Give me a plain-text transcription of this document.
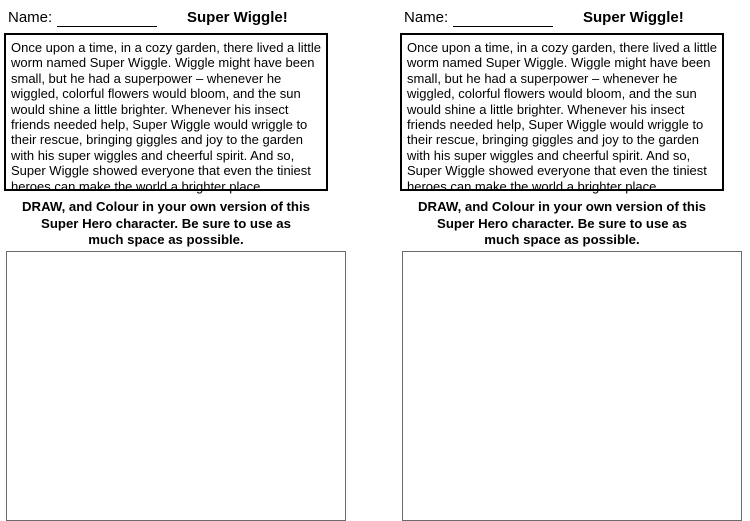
Name:	Super Wiggle!
Once upon a time, in a cozy garden, there lived a little worm named Super Wiggle. Wiggle might have been small, but he had a superpower – whenever he wiggled, colorful flowers would bloom, and the sun would shine a little brighter. Whenever his insect friends needed help, Super Wiggle would wriggle to their rescue, bringing giggles and joy to the garden with his super wiggles and cheerful spirit. And so, Super Wiggle showed everyone that even the tiniest heroes can make the world a brighter place.
DRAW, and Colour in your own version of this
Super Hero character. Be sure to use as
much space as possible.
Name:	Super Wiggle!
Once upon a time, in a cozy garden, there lived a little worm named Super Wiggle. Wiggle might have been small, but he had a superpower – whenever he wiggled, colorful flowers would bloom, and the sun would shine a little brighter. Whenever his insect friends needed help, Super Wiggle would wriggle to their rescue, bringing giggles and joy to the garden with his super wiggles and cheerful spirit. And so, Super Wiggle showed everyone that even the tiniest heroes can make the world a brighter place.
DRAW, and Colour in your own version of this
Super Hero character. Be sure to use as
much space as possible.
